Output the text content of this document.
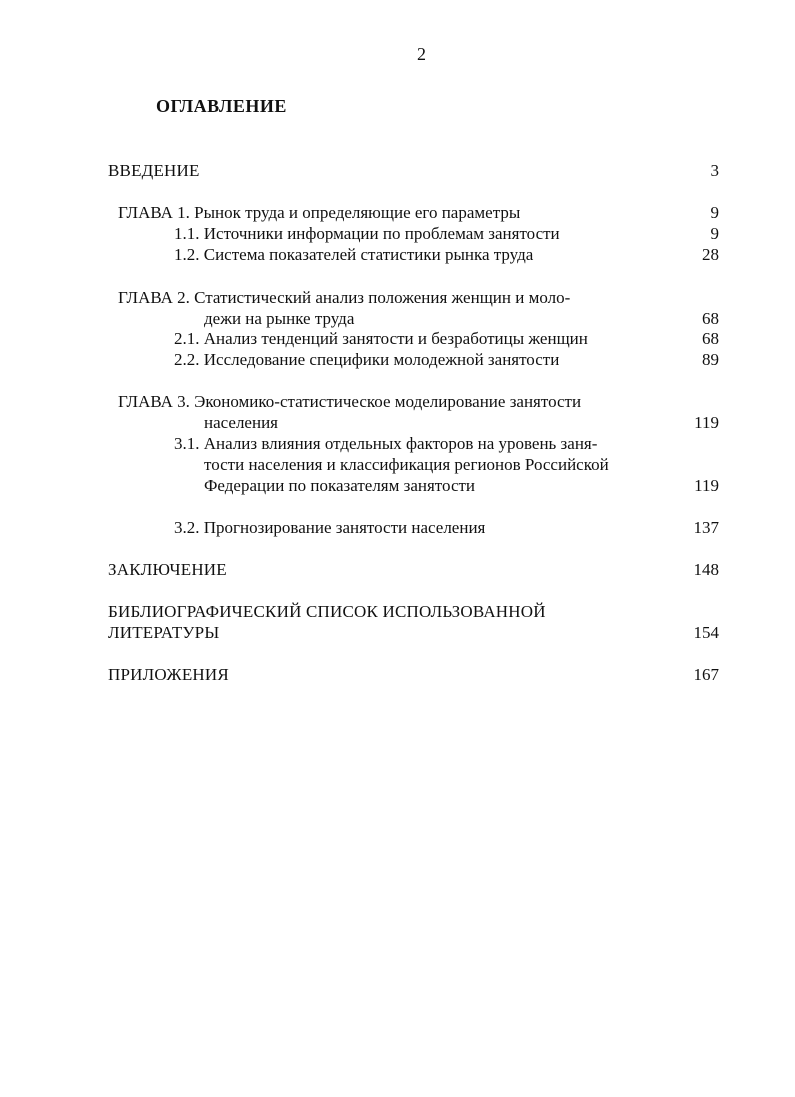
2
ОГЛАВЛЕНИЕ
ВВЕДЕНИЕ	3
ГЛАВА 1. Рынок труда и определяющие его параметры	9
1.1. Источники информации по проблемам занятости	9
1.2. Система показателей статистики рынка труда	28
ГЛАВА 2. Статистический анализ положения женщин и моло-
дежи на рынке труда	68
2.1. Анализ тенденций занятости и безработицы женщин	68
2.2. Исследование специфики молодежной занятости	89
ГЛАВА 3. Экономико-статистическое моделирование занятости
населения	119
3.1. Анализ влияния отдельных факторов на уровень заня-
тости населения и классификация регионов Российской
Федерации по показателям занятости	119
3.2. Прогнозирование занятости населения	137
ЗАКЛЮЧЕНИЕ	148
БИБЛИОГРАФИЧЕСКИЙ СПИСОК ИСПОЛЬЗОВАННОЙ
ЛИТЕРАТУРЫ	154
ПРИЛОЖЕНИЯ	167
